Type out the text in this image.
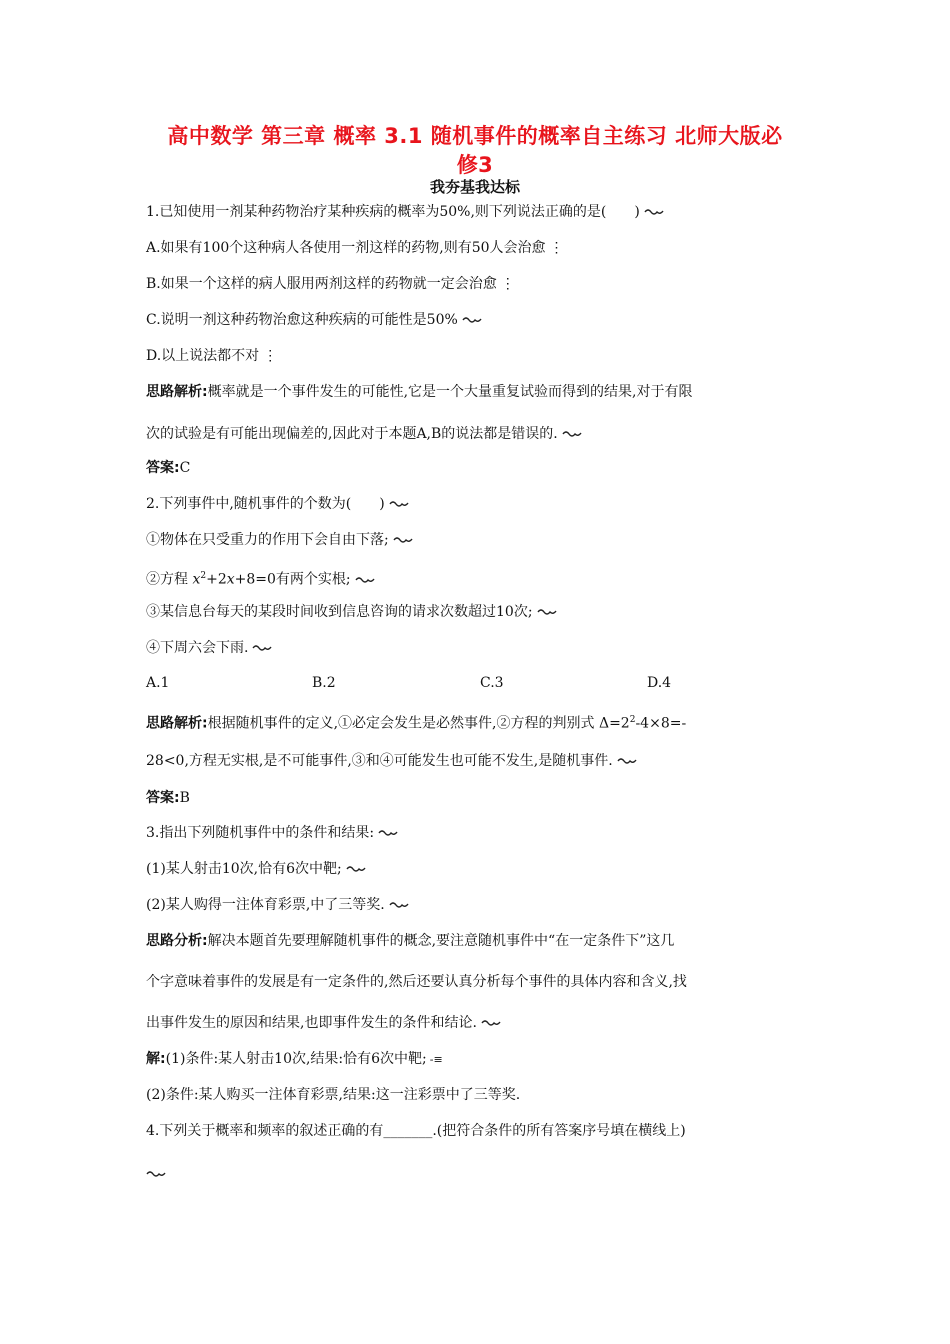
高中数学 第三章 概率 3.1 随机事件的概率自主练习 北师大版必
修3
我夯基我达标
1.已知使用一剂某种药物治疗某种疾病的概率为50%,则下列说法正确的是(　　)
A.如果有100个这种病人各使用一剂这样的药物,则有50人会治愈 ⋮
B.如果一个这样的病人服用两剂这样的药物就一定会治愈 ⋮
C.说明一剂这种药物治愈这种疾病的可能性是50%
D.以上说法都不对 ⋮
思路解析:概率就是一个事件发生的可能性,它是一个大量重复试验而得到的结果,对于有限
次的试验是有可能出现偏差的,因此对于本题A,B的说法都是错误的.
答案:C
2.下列事件中,随机事件的个数为(　　)
①物体在只受重力的作用下会自由下落;
②方程 $x^2+2x+8=0$有两个实根;
③某信息台每天的某段时间收到信息咨询的请求次数超过10次;
④下周六会下雨.
A.1	B.2	C.3	D.4
思路解析:根据随机事件的定义,①必定会发生是必然事件,②方程的判别式 $\Delta=2^2-4\times 8=-$
28<0,方程无实根,是不可能事件,③和④可能发生也可能不发生,是随机事件.
答案:B
3.指出下列随机事件中的条件和结果:
(1)某人射击10次,恰有6次中靶;
(2)某人购得一注体育彩票,中了三等奖.
思路分析:解决本题首先要理解随机事件的概念,要注意随机事件中“在一定条件下”这几
个字意味着事件的发展是有一定条件的,然后还要认真分析每个事件的具体内容和含义,找
出事件发生的原因和结果,也即事件发生的条件和结论.
解:(1)条件:某人射击10次,结果:恰有6次中靶; -≡
(2)条件:某人购买一注体育彩票,结果:这一注彩票中了三等奖.
4.下列关于概率和频率的叙述正确的有_______.(把符合条件的所有答案序号填在横线上)
